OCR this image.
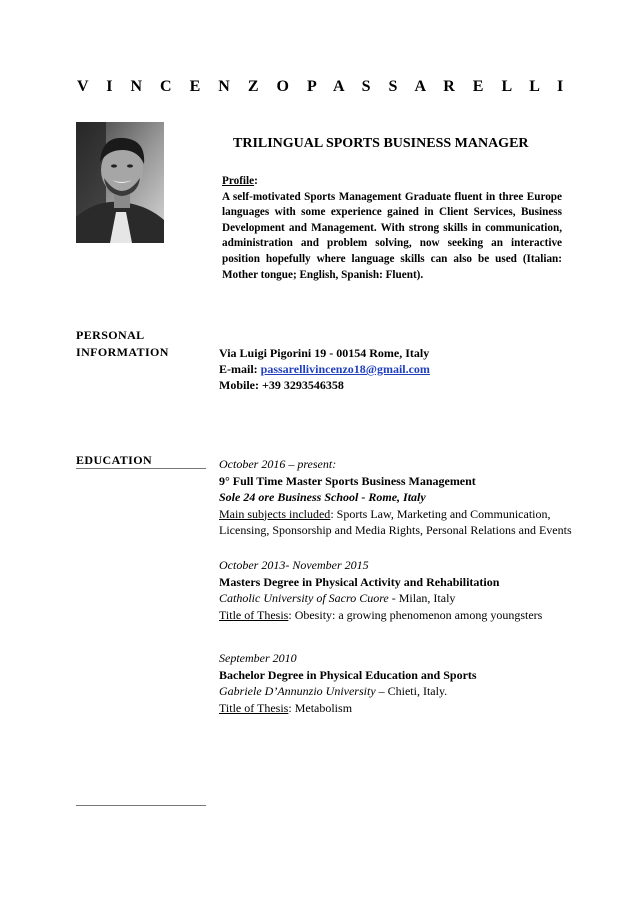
V I N C E N Z O P A S S A R E L L I
TRILINGUAL SPORTS BUSINESS MANAGER
Profile:
A self-motivated Sports Management Graduate fluent in three Europe languages with some experience gained in Client Services, Business Development and Management. With strong skills in communication, administration and problem solving, now seeking an interactive position hopefully where language skills can also be used (Italian: Mother tongue; English, Spanish: Fluent).
PERSONAL
INFORMATION	Via Luigi Pigorini 19 - 00154 Rome, Italy
E-mail: passarellivincenzo18@gmail.com
Mobile: +39 3293546358
EDUCATION	October 2016 – present:
9° Full Time Master Sports Business Management
Sole 24 ore Business School - Rome, Italy
Main subjects included: Sports Law, Marketing and Communication,
Licensing, Sponsorship and Media Rights, Personal Relations and Events
October 2013- November 2015
Masters Degree in Physical Activity and Rehabilitation
Catholic University of Sacro Cuore - Milan, Italy
Title of Thesis: Obesity: a growing phenomenon among youngsters
September 2010
Bachelor Degree in Physical Education and Sports
Gabriele D’Annunzio University – Chieti, Italy.
Title of Thesis: Metabolism
